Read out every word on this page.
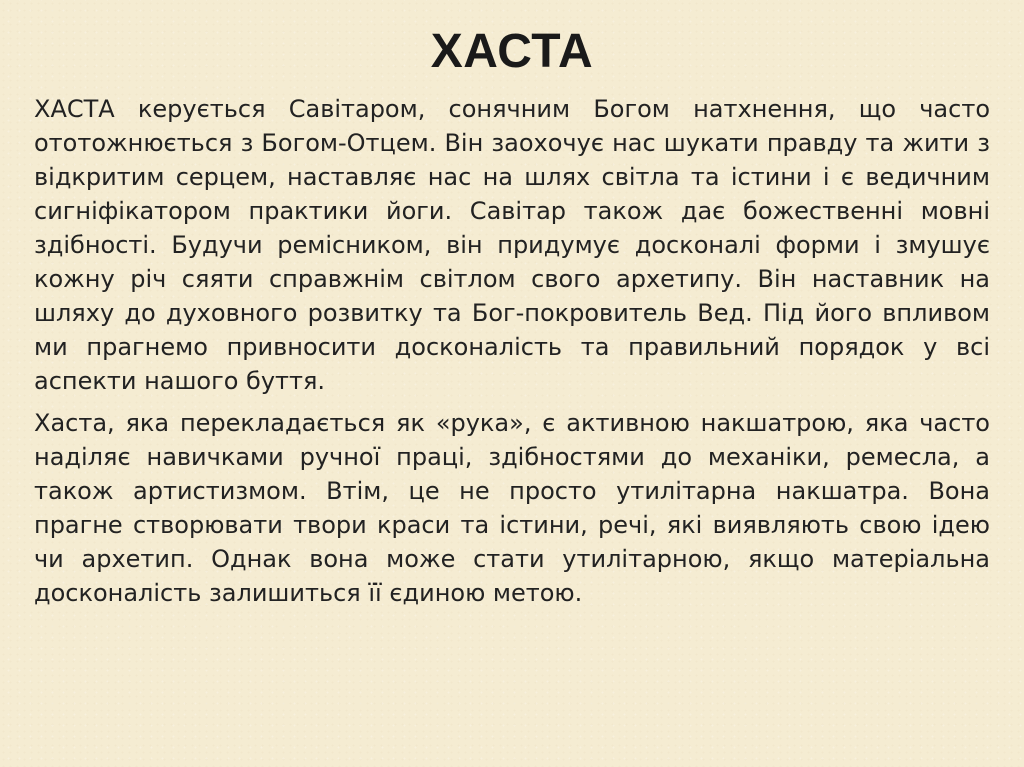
ХАСТА

ХАСТА керується Савітаром, сонячним Богом натхнення, що часто ототожнюється з Богом-Отцем. Він заохочує нас шукати правду та жити з відкритим серцем, наставляє нас на шлях світла та істини і є ведичним сигніфікатором практики йоги. Савітар також дає божественні мовні здібності. Будучи ремісником, він придумує досконалі форми і змушує кожну річ сяяти справжнім світлом свого архетипу. Він наставник на шляху до духовного розвитку та Бог-покровитель Вед. Під його впливом ми прагнемо привносити досконалість та правильний порядок у всі аспекти нашого буття.

Хаста, яка перекладається як «рука», є активною накшатрою, яка часто наділяє навичками ручної праці, здібностями до механіки, ремесла, а також артистизмом. Втім, це не просто утилітарна накшатра. Вона прагне створювати твори краси та істини, речі, які виявляють свою ідею чи архетип. Однак вона може стати утилітарною, якщо матеріальна досконалість залишиться її єдиною метою.
